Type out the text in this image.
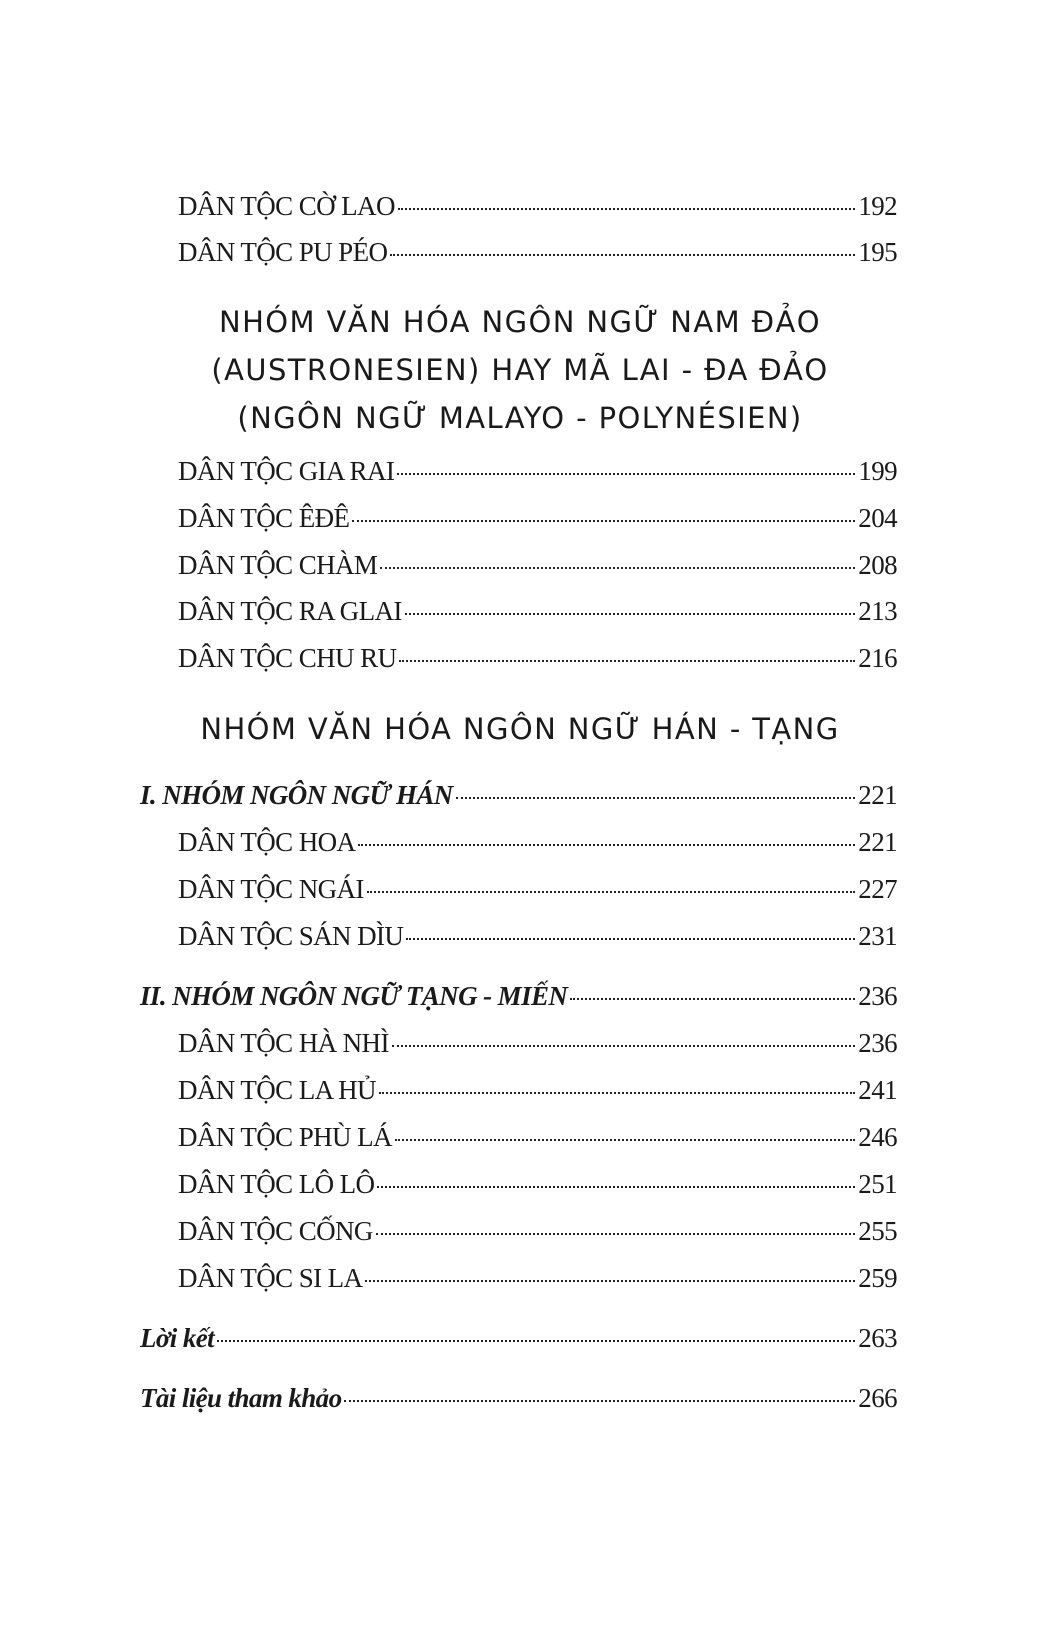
DÂN TỘC CỜ LAO	192
DÂN TỘC PU PÉO	195
NHÓM VĂN HÓA NGÔN NGỮ NAM ĐẢO
(AUSTRONESIEN) HAY MÃ LAI - ĐA ĐẢO
(NGÔN NGỮ MALAYO - POLYNÉSIEN)
DÂN TỘC GIA RAI	199
DÂN TỘC ÊĐÊ	204
DÂN TỘC CHÀM	208
DÂN TỘC RA GLAI	213
DÂN TỘC CHU RU	216
NHÓM VĂN HÓA NGÔN NGỮ HÁN - TẠNG
I. NHÓM NGÔN NGỮ HÁN	221
DÂN TỘC HOA	221
DÂN TỘC NGÁI	227
DÂN TỘC SÁN DÌU	231
II. NHÓM NGÔN NGỮ TẠNG - MIẾN	236
DÂN TỘC HÀ NHÌ	236
DÂN TỘC LA HỦ	241
DÂN TỘC PHÙ LÁ	246
DÂN TỘC LÔ LÔ	251
DÂN TỘC CỐNG	255
DÂN TỘC SI LA	259
Lời kết	263
Tài liệu tham khảo	266
